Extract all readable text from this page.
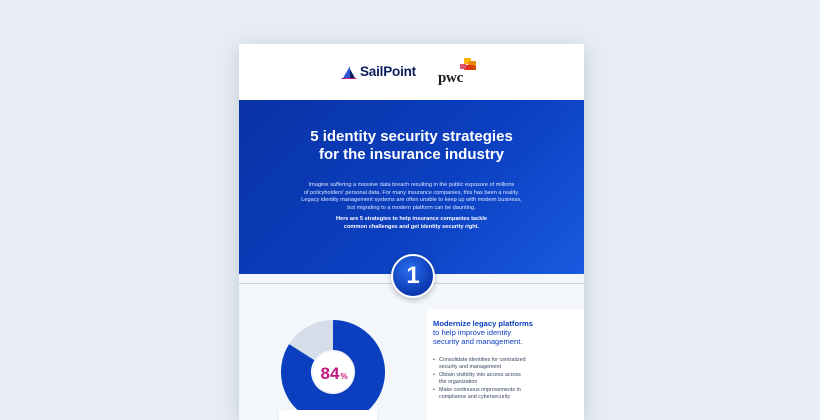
SailPoint pwc
5 identity security strategies
for the insurance industry
Imagine suffering a massive data breach resulting in the public exposure of millions
of policyholders' personal data. For many insurance companies, this has been a reality.
Legacy identity management systems are often unable to keep up with modern business,
but migrating to a modern platform can be daunting.
Here are 5 strategies to help insurance companies tackle
common challenges and get identity security right.
Modernize legacy platforms
to help improve identity
security and management.
• Consolidate identities for centralized
security and management
• Obtain visibility into access across
the organization
• Make continuous improvements in
compliance and cybersecurity
1
84 %
